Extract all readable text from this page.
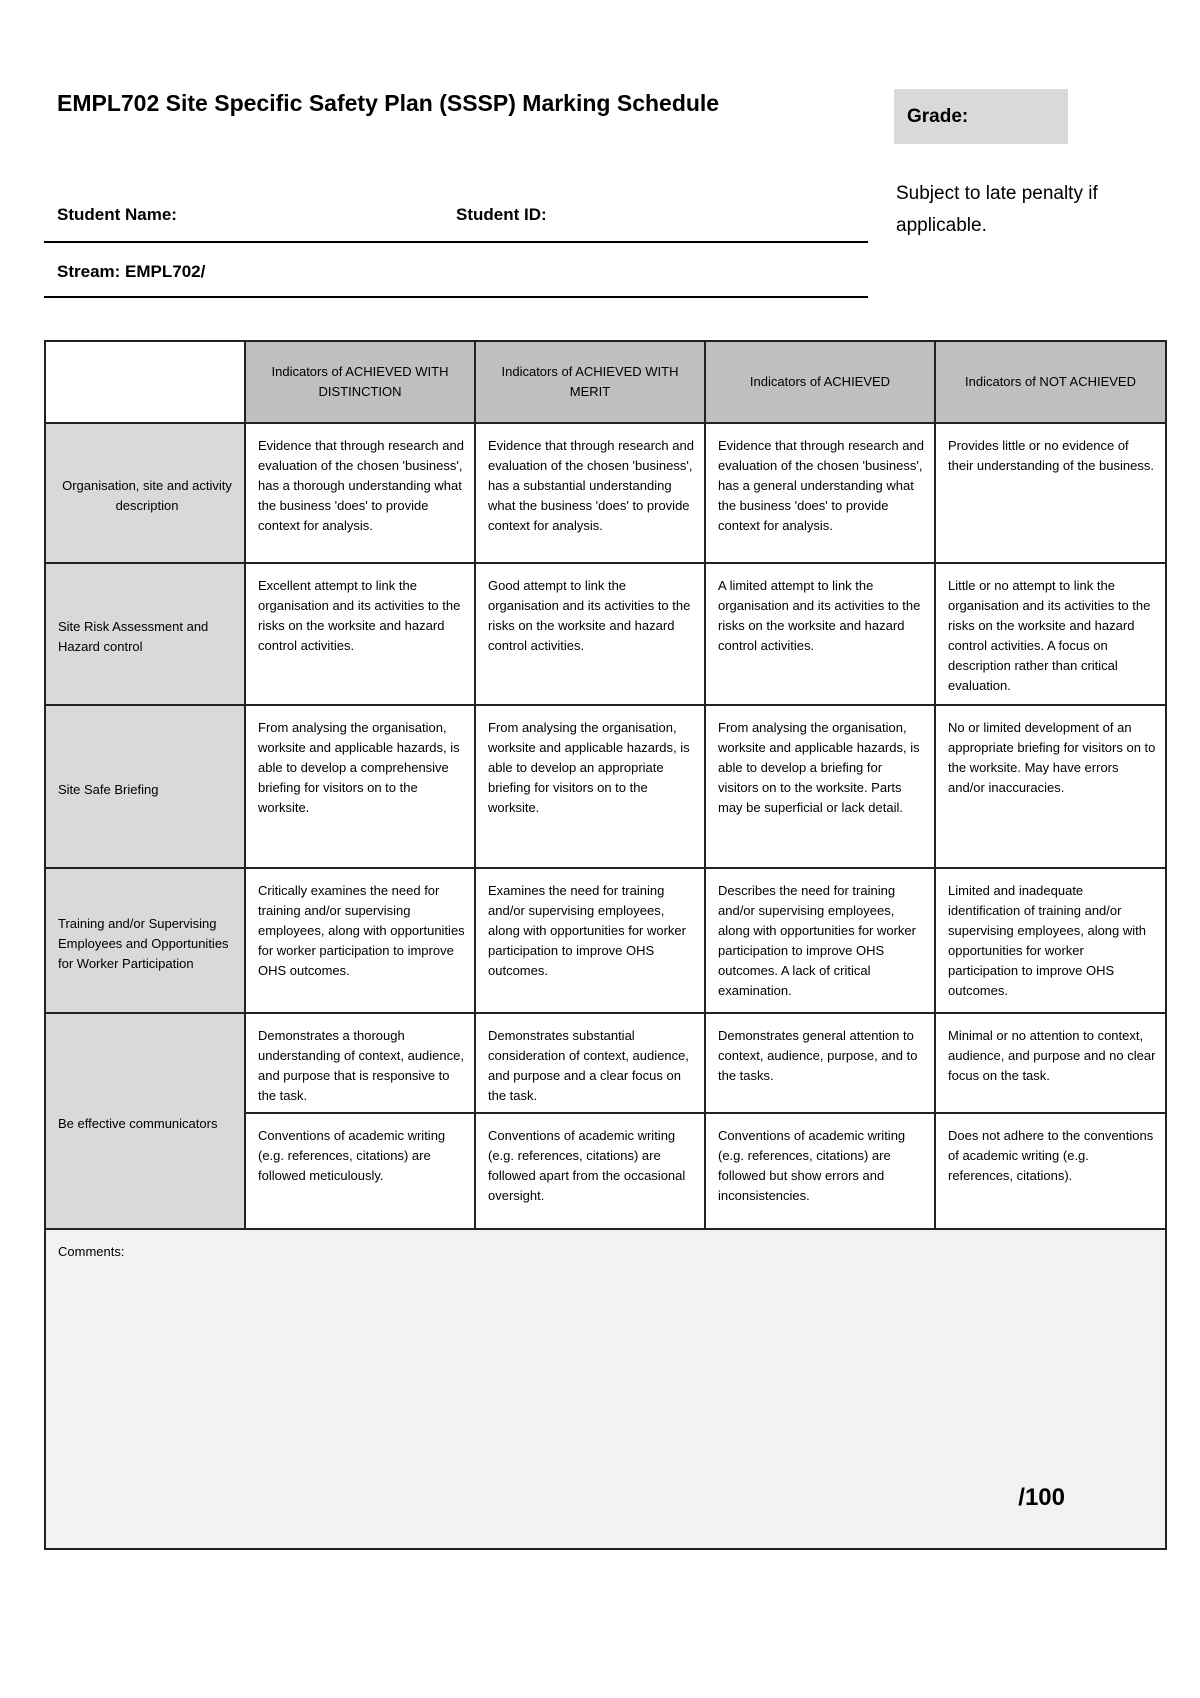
EMPL702 Site Specific Safety Plan (SSSP) Marking Schedule
Grade:
Subject to late penalty if applicable.
Student Name:	Student ID:
Stream: EMPL702/
	Indicators of ACHIEVED WITH DISTINCTION	Indicators of ACHIEVED WITH MERIT	Indicators of ACHIEVED	Indicators of NOT ACHIEVED
Organisation, site and activity description	Evidence that through research and evaluation of the chosen 'business', has a thorough understanding what the business 'does' to provide context for analysis.	Evidence that through research and evaluation of the chosen 'business', has a substantial understanding what the business 'does' to provide context for analysis.	Evidence that through research and evaluation of the chosen 'business', has a general understanding what the business 'does' to provide context for analysis.	Provides little or no evidence of their understanding of the business.
Site Risk Assessment and Hazard control	Excellent attempt to link the organisation and its activities to the risks on the worksite and hazard control activities.	Good attempt to link the organisation and its activities to the risks on the worksite and hazard control activities.	A limited attempt to link the organisation and its activities to the risks on the worksite and hazard control activities.	Little or no attempt to link the organisation and its activities to the risks on the worksite and hazard control activities. A focus on description rather than critical evaluation.
Site Safe Briefing	From analysing the organisation, worksite and applicable hazards, is able to develop a comprehensive briefing for visitors on to the worksite.	From analysing the organisation, worksite and applicable hazards, is able to develop an appropriate briefing for visitors on to the worksite.	From analysing the organisation, worksite and applicable hazards, is able to develop a briefing for visitors on to the worksite. Parts may be superficial or lack detail.	No or limited development of an appropriate briefing for visitors on to the worksite. May have errors and/or inaccuracies.
Training and/or Supervising Employees and Opportunities for Worker Participation	Critically examines the need for training and/or supervising employees, along with opportunities for worker participation to improve OHS outcomes.	Examines the need for training and/or supervising employees, along with opportunities for worker participation to improve OHS outcomes.	Describes the need for training and/or supervising employees, along with opportunities for worker participation to improve OHS outcomes. A lack of critical examination.	Limited and inadequate identification of training and/or supervising employees, along with opportunities for worker participation to improve OHS outcomes.
Be effective communicators	Demonstrates a thorough understanding of context, audience, and purpose that is responsive to the task.	Demonstrates substantial consideration of context, audience, and purpose and a clear focus on the task.	Demonstrates general attention to context, audience, purpose, and to the tasks.	Minimal or no attention to context, audience, and purpose and no clear focus on the task.
	Conventions of academic writing (e.g. references, citations) are followed meticulously.	Conventions of academic writing (e.g. references, citations) are followed apart from the occasional oversight.	Conventions of academic writing (e.g. references, citations) are followed but show errors and inconsistencies.	Does not adhere to the conventions of academic writing (e.g. references, citations).
Comments:
/100				
